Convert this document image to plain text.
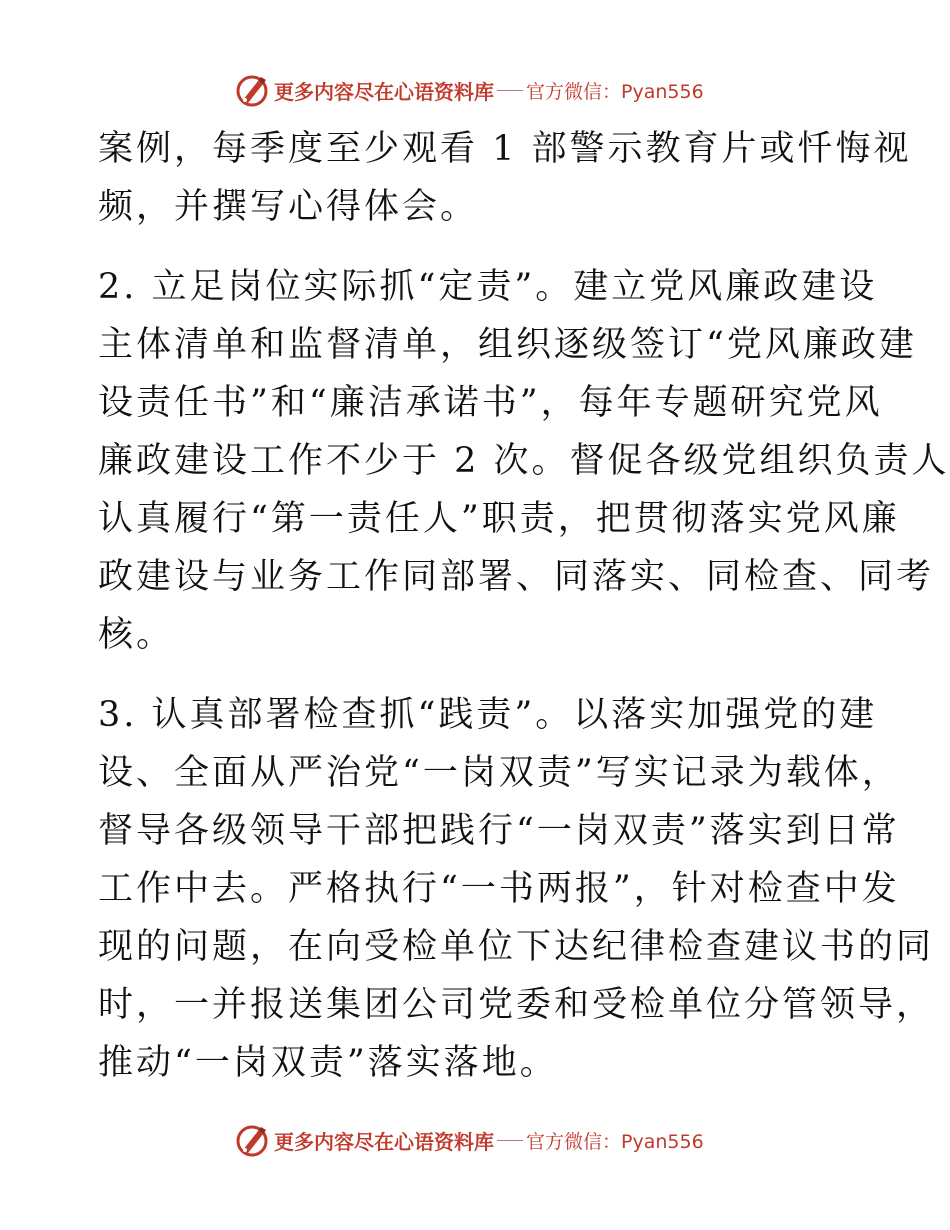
更多内容尽在心语资料库 官方微信：Pyan556

案例，每季度至少观看 1 部警示教育片或忏悔视
频，并撰写心得体会。

2. 立足岗位实际抓“定责”。建立党风廉政建设
主体清单和监督清单，组织逐级签订“党风廉政建
设责任书”和“廉洁承诺书”，每年专题研究党风
廉政建设工作不少于 2 次。督促各级党组织负责人
认真履行“第一责任人”职责，把贯彻落实党风廉
政建设与业务工作同部署、同落实、同检查、同考
核。

3. 认真部署检查抓“践责”。以落实加强党的建
设、全面从严治党“一岗双责”写实记录为载体，
督导各级领导干部把践行“一岗双责”落实到日常
工作中去。严格执行“一书两报”，针对检查中发
现的问题，在向受检单位下达纪律检查建议书的同
时，一并报送集团公司党委和受检单位分管领导，
推动“一岗双责”落实落地。

更多内容尽在心语资料库 官方微信：Pyan556
